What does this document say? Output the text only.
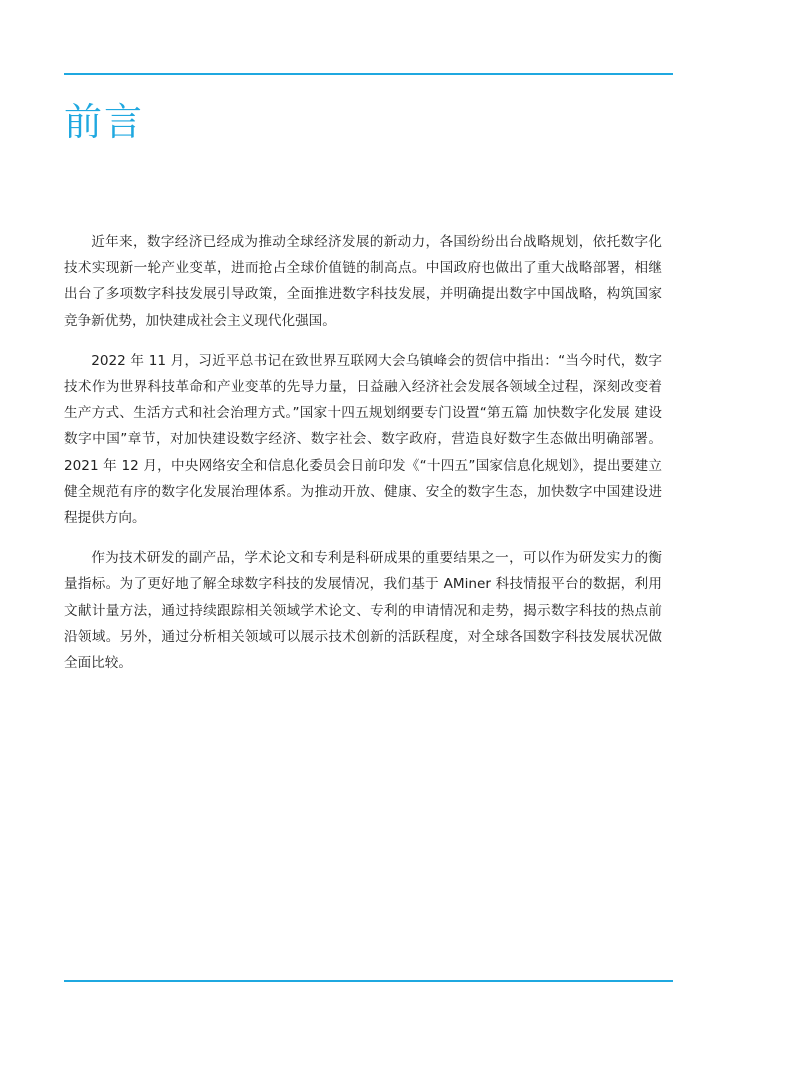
前言

近年来，数字经济已经成为推动全球经济发展的新动力，各国纷纷出台战略规划，依托数字化技术实现新一轮产业变革，进而抢占全球价值链的制高点。中国政府也做出了重大战略部署，相继出台了多项数字科技发展引导政策，全面推进数字科技发展，并明确提出数字中国战略，构筑国家竞争新优势，加快建成社会主义现代化强国。

2022 年 11 月，习近平总书记在致世界互联网大会乌镇峰会的贺信中指出：“当今时代，数字技术作为世界科技革命和产业变革的先导力量，日益融入经济社会发展各领域全过程，深刻改变着生产方式、生活方式和社会治理方式。”国家十四五规划纲要专门设置“第五篇 加快数字化发展 建设数字中国”章节，对加快建设数字经济、数字社会、数字政府，营造良好数字生态做出明确部署。2021 年 12 月，中央网络安全和信息化委员会日前印发《“十四五”国家信息化规划》，提出要建立健全规范有序的数字化发展治理体系。为推动开放、健康、安全的数字生态，加快数字中国建设进程提供方向。

作为技术研发的副产品，学术论文和专利是科研成果的重要结果之一，可以作为研发实力的衡量指标。为了更好地了解全球数字科技的发展情况，我们基于 AMiner 科技情报平台的数据，利用文献计量方法，通过持续跟踪相关领域学术论文、专利的申请情况和走势，揭示数字科技的热点前沿领域。另外，通过分析相关领域可以展示技术创新的活跃程度，对全球各国数字科技发展状况做全面比较。
